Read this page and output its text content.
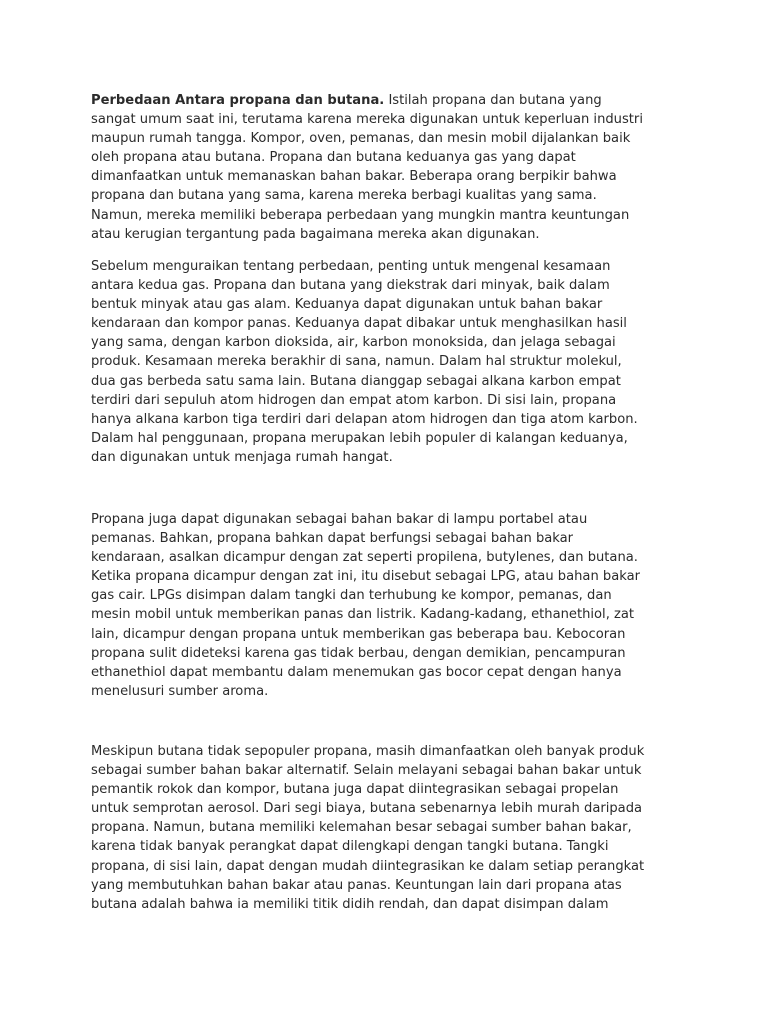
Perbedaan Antara propana dan butana. Istilah propana dan butana yang
sangat umum saat ini, terutama karena mereka digunakan untuk keperluan industri
maupun rumah tangga. Kompor, oven, pemanas, dan mesin mobil dijalankan baik
oleh propana atau butana. Propana dan butana keduanya gas yang dapat
dimanfaatkan untuk memanaskan bahan bakar. Beberapa orang berpikir bahwa
propana dan butana yang sama, karena mereka berbagi kualitas yang sama.
Namun, mereka memiliki beberapa perbedaan yang mungkin mantra keuntungan
atau kerugian tergantung pada bagaimana mereka akan digunakan.

Sebelum menguraikan tentang perbedaan, penting untuk mengenal kesamaan
antara kedua gas. Propana dan butana yang diekstrak dari minyak, baik dalam
bentuk minyak atau gas alam. Keduanya dapat digunakan untuk bahan bakar
kendaraan dan kompor panas. Keduanya dapat dibakar untuk menghasilkan hasil
yang sama, dengan karbon dioksida, air, karbon monoksida, dan jelaga sebagai
produk. Kesamaan mereka berakhir di sana, namun. Dalam hal struktur molekul,
dua gas berbeda satu sama lain. Butana dianggap sebagai alkana karbon empat
terdiri dari sepuluh atom hidrogen dan empat atom karbon. Di sisi lain, propana
hanya alkana karbon tiga terdiri dari delapan atom hidrogen dan tiga atom karbon.
Dalam hal penggunaan, propana merupakan lebih populer di kalangan keduanya,
dan digunakan untuk menjaga rumah hangat.

Propana juga dapat digunakan sebagai bahan bakar di lampu portabel atau
pemanas. Bahkan, propana bahkan dapat berfungsi sebagai bahan bakar
kendaraan, asalkan dicampur dengan zat seperti propilena, butylenes, dan butana.
Ketika propana dicampur dengan zat ini, itu disebut sebagai LPG, atau bahan bakar
gas cair. LPGs disimpan dalam tangki dan terhubung ke kompor, pemanas, dan
mesin mobil untuk memberikan panas dan listrik. Kadang-kadang, ethanethiol, zat
lain, dicampur dengan propana untuk memberikan gas beberapa bau. Kebocoran
propana sulit dideteksi karena gas tidak berbau, dengan demikian, pencampuran
ethanethiol dapat membantu dalam menemukan gas bocor cepat dengan hanya
menelusuri sumber aroma.

Meskipun butana tidak sepopuler propana, masih dimanfaatkan oleh banyak produk
sebagai sumber bahan bakar alternatif. Selain melayani sebagai bahan bakar untuk
pemantik rokok dan kompor, butana juga dapat diintegrasikan sebagai propelan
untuk semprotan aerosol. Dari segi biaya, butana sebenarnya lebih murah daripada
propana. Namun, butana memiliki kelemahan besar sebagai sumber bahan bakar,
karena tidak banyak perangkat dapat dilengkapi dengan tangki butana. Tangki
propana, di sisi lain, dapat dengan mudah diintegrasikan ke dalam setiap perangkat
yang membutuhkan bahan bakar atau panas. Keuntungan lain dari propana atas
butana adalah bahwa ia memiliki titik didih rendah, dan dapat disimpan dalam
